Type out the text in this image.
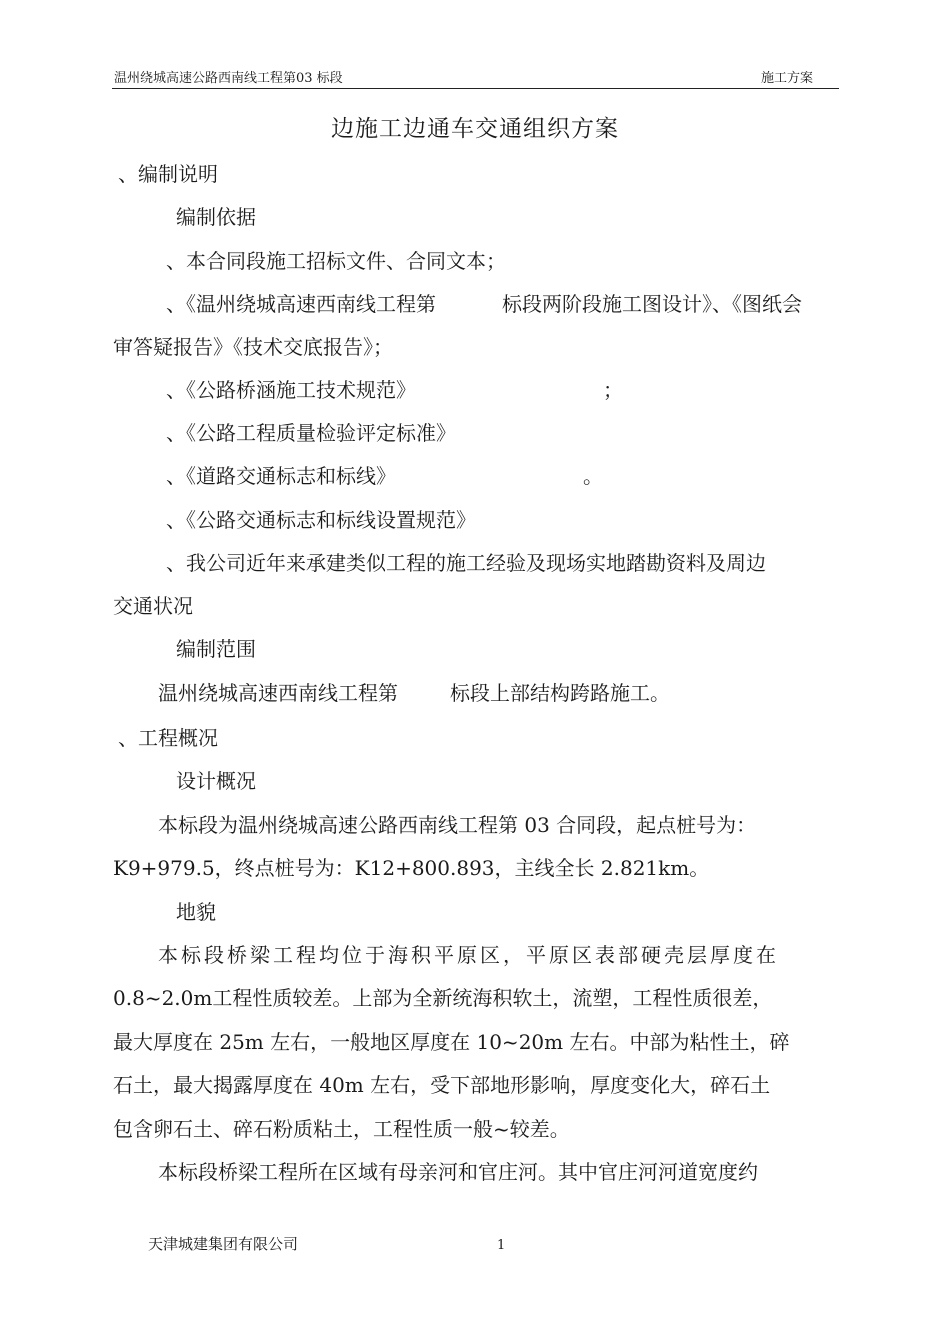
温州绕城高速公路西南线工程第03 标段	施工方案
边施工边通车交通组织方案
、编制说明
编制依据
、本合同段施工招标文件、合同文本；
、《温州绕城高速西南线工程第	标段两阶段施工图设计》、《图纸会
审答疑报告》《技术交底报告》；
、《公路桥涵施工技术规范》	；
、《公路工程质量检验评定标准》
、《道路交通标志和标线》	。
、《公路交通标志和标线设置规范》
、我公司近年来承建类似工程的施工经验及现场实地踏勘资料及周边
交通状况
编制范围
温州绕城高速西南线工程第	标段上部结构跨路施工。
、工程概况
设计概况
本标段为温州绕城高速公路西南线工程第 03 合同段，起点桩号为：
K9+979.5，终点桩号为：K12+800.893，主线全长 2.821km。
地貌
本标段桥梁工程均位于海积平原区，平原区表部硬壳层厚度在
0.8~2.0m工程性质较差。上部为全新统海积软土，流塑，工程性质很差，
最大厚度在 25m 左右，一般地区厚度在 10~20m 左右。中部为粘性土，碎
石土，最大揭露厚度在 40m 左右，受下部地形影响，厚度变化大，碎石土
包含卵石土、碎石粉质粘土，工程性质一般~较差。
本标段桥梁工程所在区域有母亲河和官庄河。其中官庄河河道宽度约
天津城建集团有限公司	1
